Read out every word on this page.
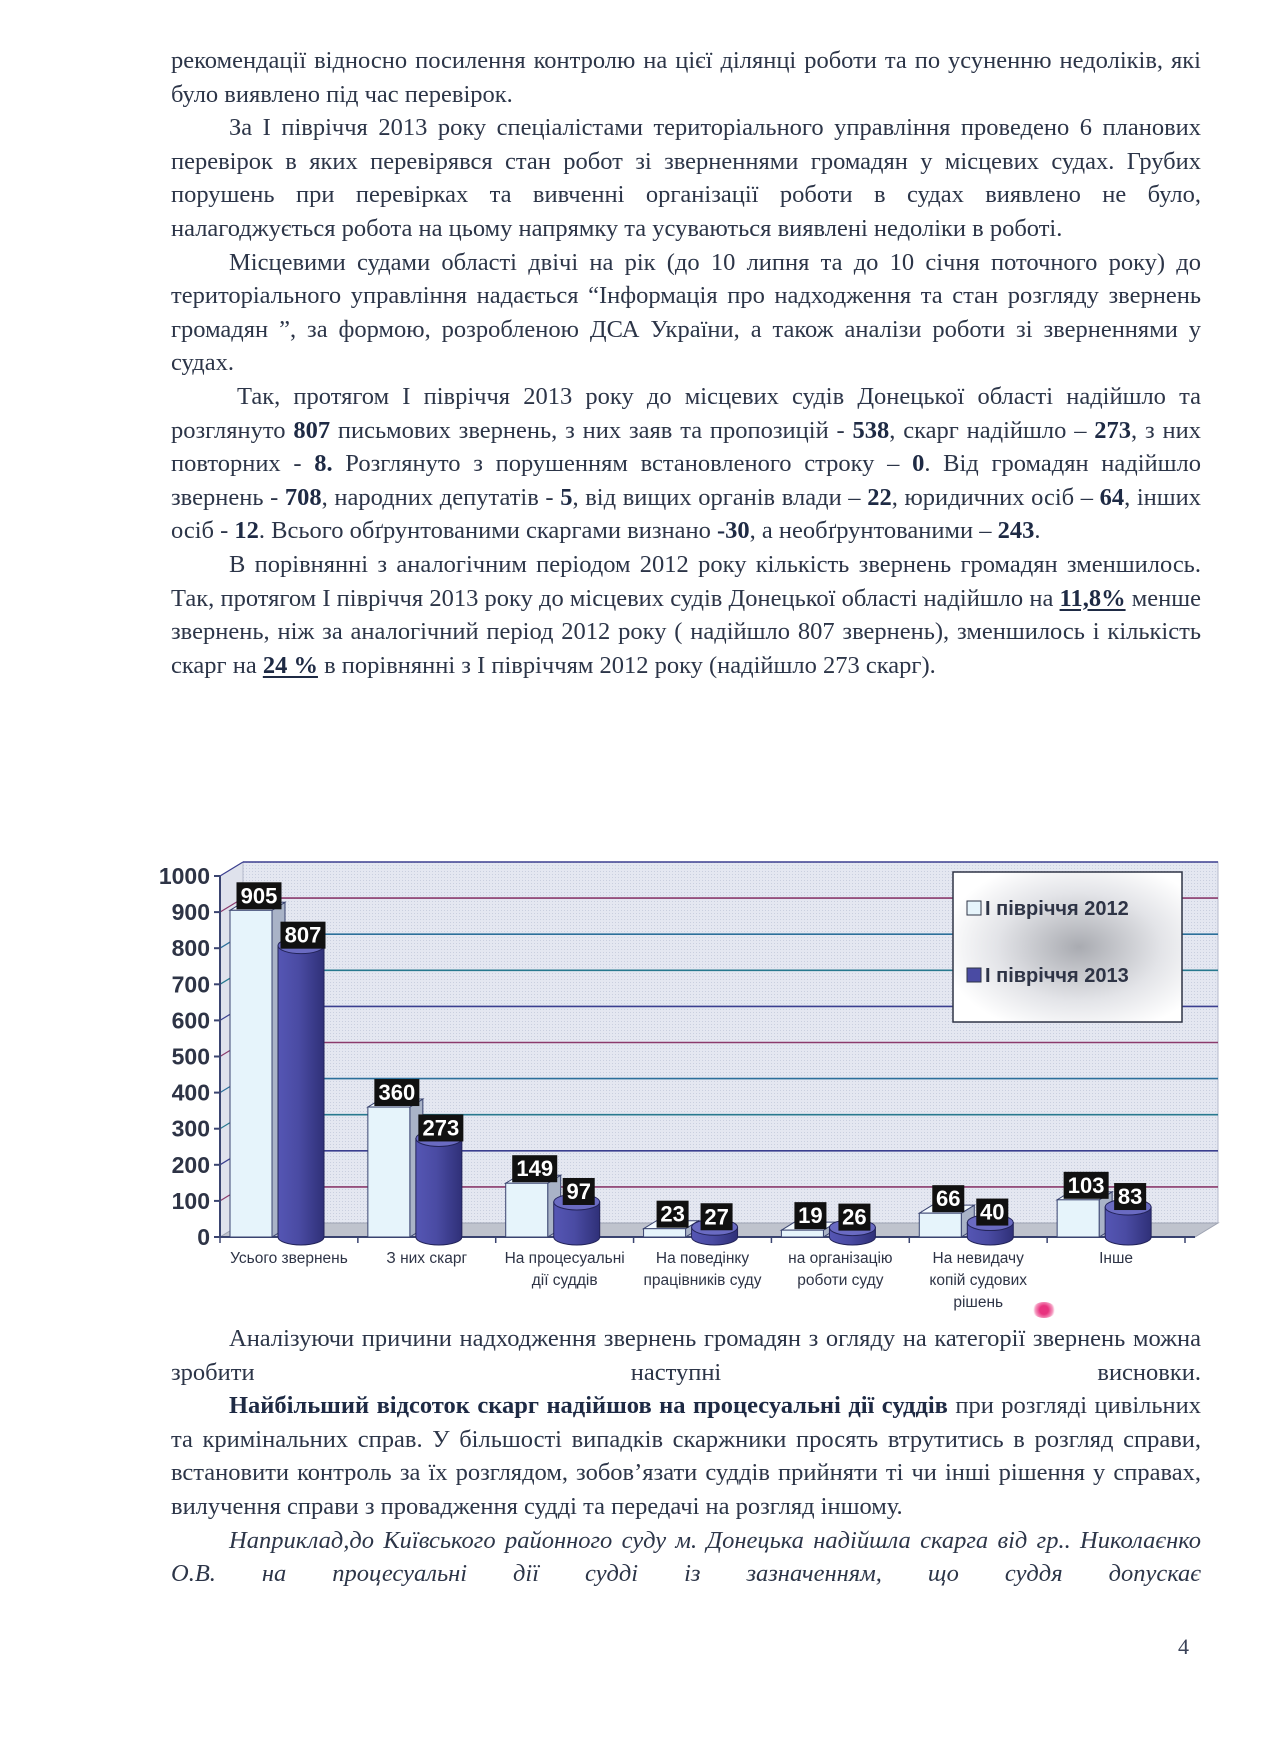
рекомендації відносно посилення контролю на цієї ділянці роботи та по усуненню недоліків, які було виявлено під час перевірок.

За І півріччя 2013 року спеціалістами територіального управління проведено 6 планових перевірок в яких перевірявся стан робот зі зверненнями громадян у місцевих судах. Грубих порушень при перевірках та вивченні організації роботи в судах виявлено не було, налагоджується робота на цьому напрямку та усуваються виявлені недоліки в роботі.

Місцевими судами області двічі на рік (до 10 липня та до 10 січня поточного року) до територіального управління надається “Інформація про надходження та стан розгляду звернень громадян ”, за формою, розробленою ДСА України, а також аналізи роботи зі зверненнями у судах.

Так, протягом І півріччя 2013 року до місцевих судів Донецької області надійшло та розглянуто 807 письмових звернень, з них заяв та пропозицій - 538, скарг надійшло – 273, з них повторних - 8. Розглянуто з порушенням встановленого строку – 0. Від громадян надійшло звернень - 708, народних депутатів - 5, від вищих органів влади – 22, юридичних осіб – 64, інших осіб - 12. Всього обґрунтованими скаргами визнано -30, а необґрунтованими – 243.

В порівнянні з аналогічним періодом 2012 року кількість звернень громадян зменшилось. Так, протягом І півріччя 2013 року до місцевих судів Донецької області надійшло на 11,8% менше звернень, ніж за аналогічний період 2012 року ( надійшло 807 звернень), зменшилось і кількість скарг на 24 % в порівнянні з І півріччям 2012 року (надійшло 273 скарг).

0
100
200
300
400
500
600
700
800
900
1000
Усього звернень З них скарг На процесуальні
дії суддів
На поведінку
працівників суду
на організацію
роботи суду
На невидачу
копій судових
рішень
Інше
905
807
360
273
149
97
23 27	19 26
66
40
103 83
І півріччя 2012
І півріччя 2013

Аналізуючи причини надходження звернень громадян з огляду на категорії звернень можна зробити наступні висновки.

Найбільший відсоток скарг надійшов на процесуальні дії суддів при розгляді цивільних та кримінальних справ. У більшості випадків скаржники просять втрутитись в розгляд справи, встановити контроль за їх розглядом, зобов’язати суддів прийняти ті чи інші рішення у справах, вилучення справи з провадження судді та передачі на розгляд іншому.

Наприклад,до Київського районного суду м. Донецька надійшла скарга від гр.. Николаєнко О.В. на процесуальні дії судді із зазначенням, що суддя допускає

4
